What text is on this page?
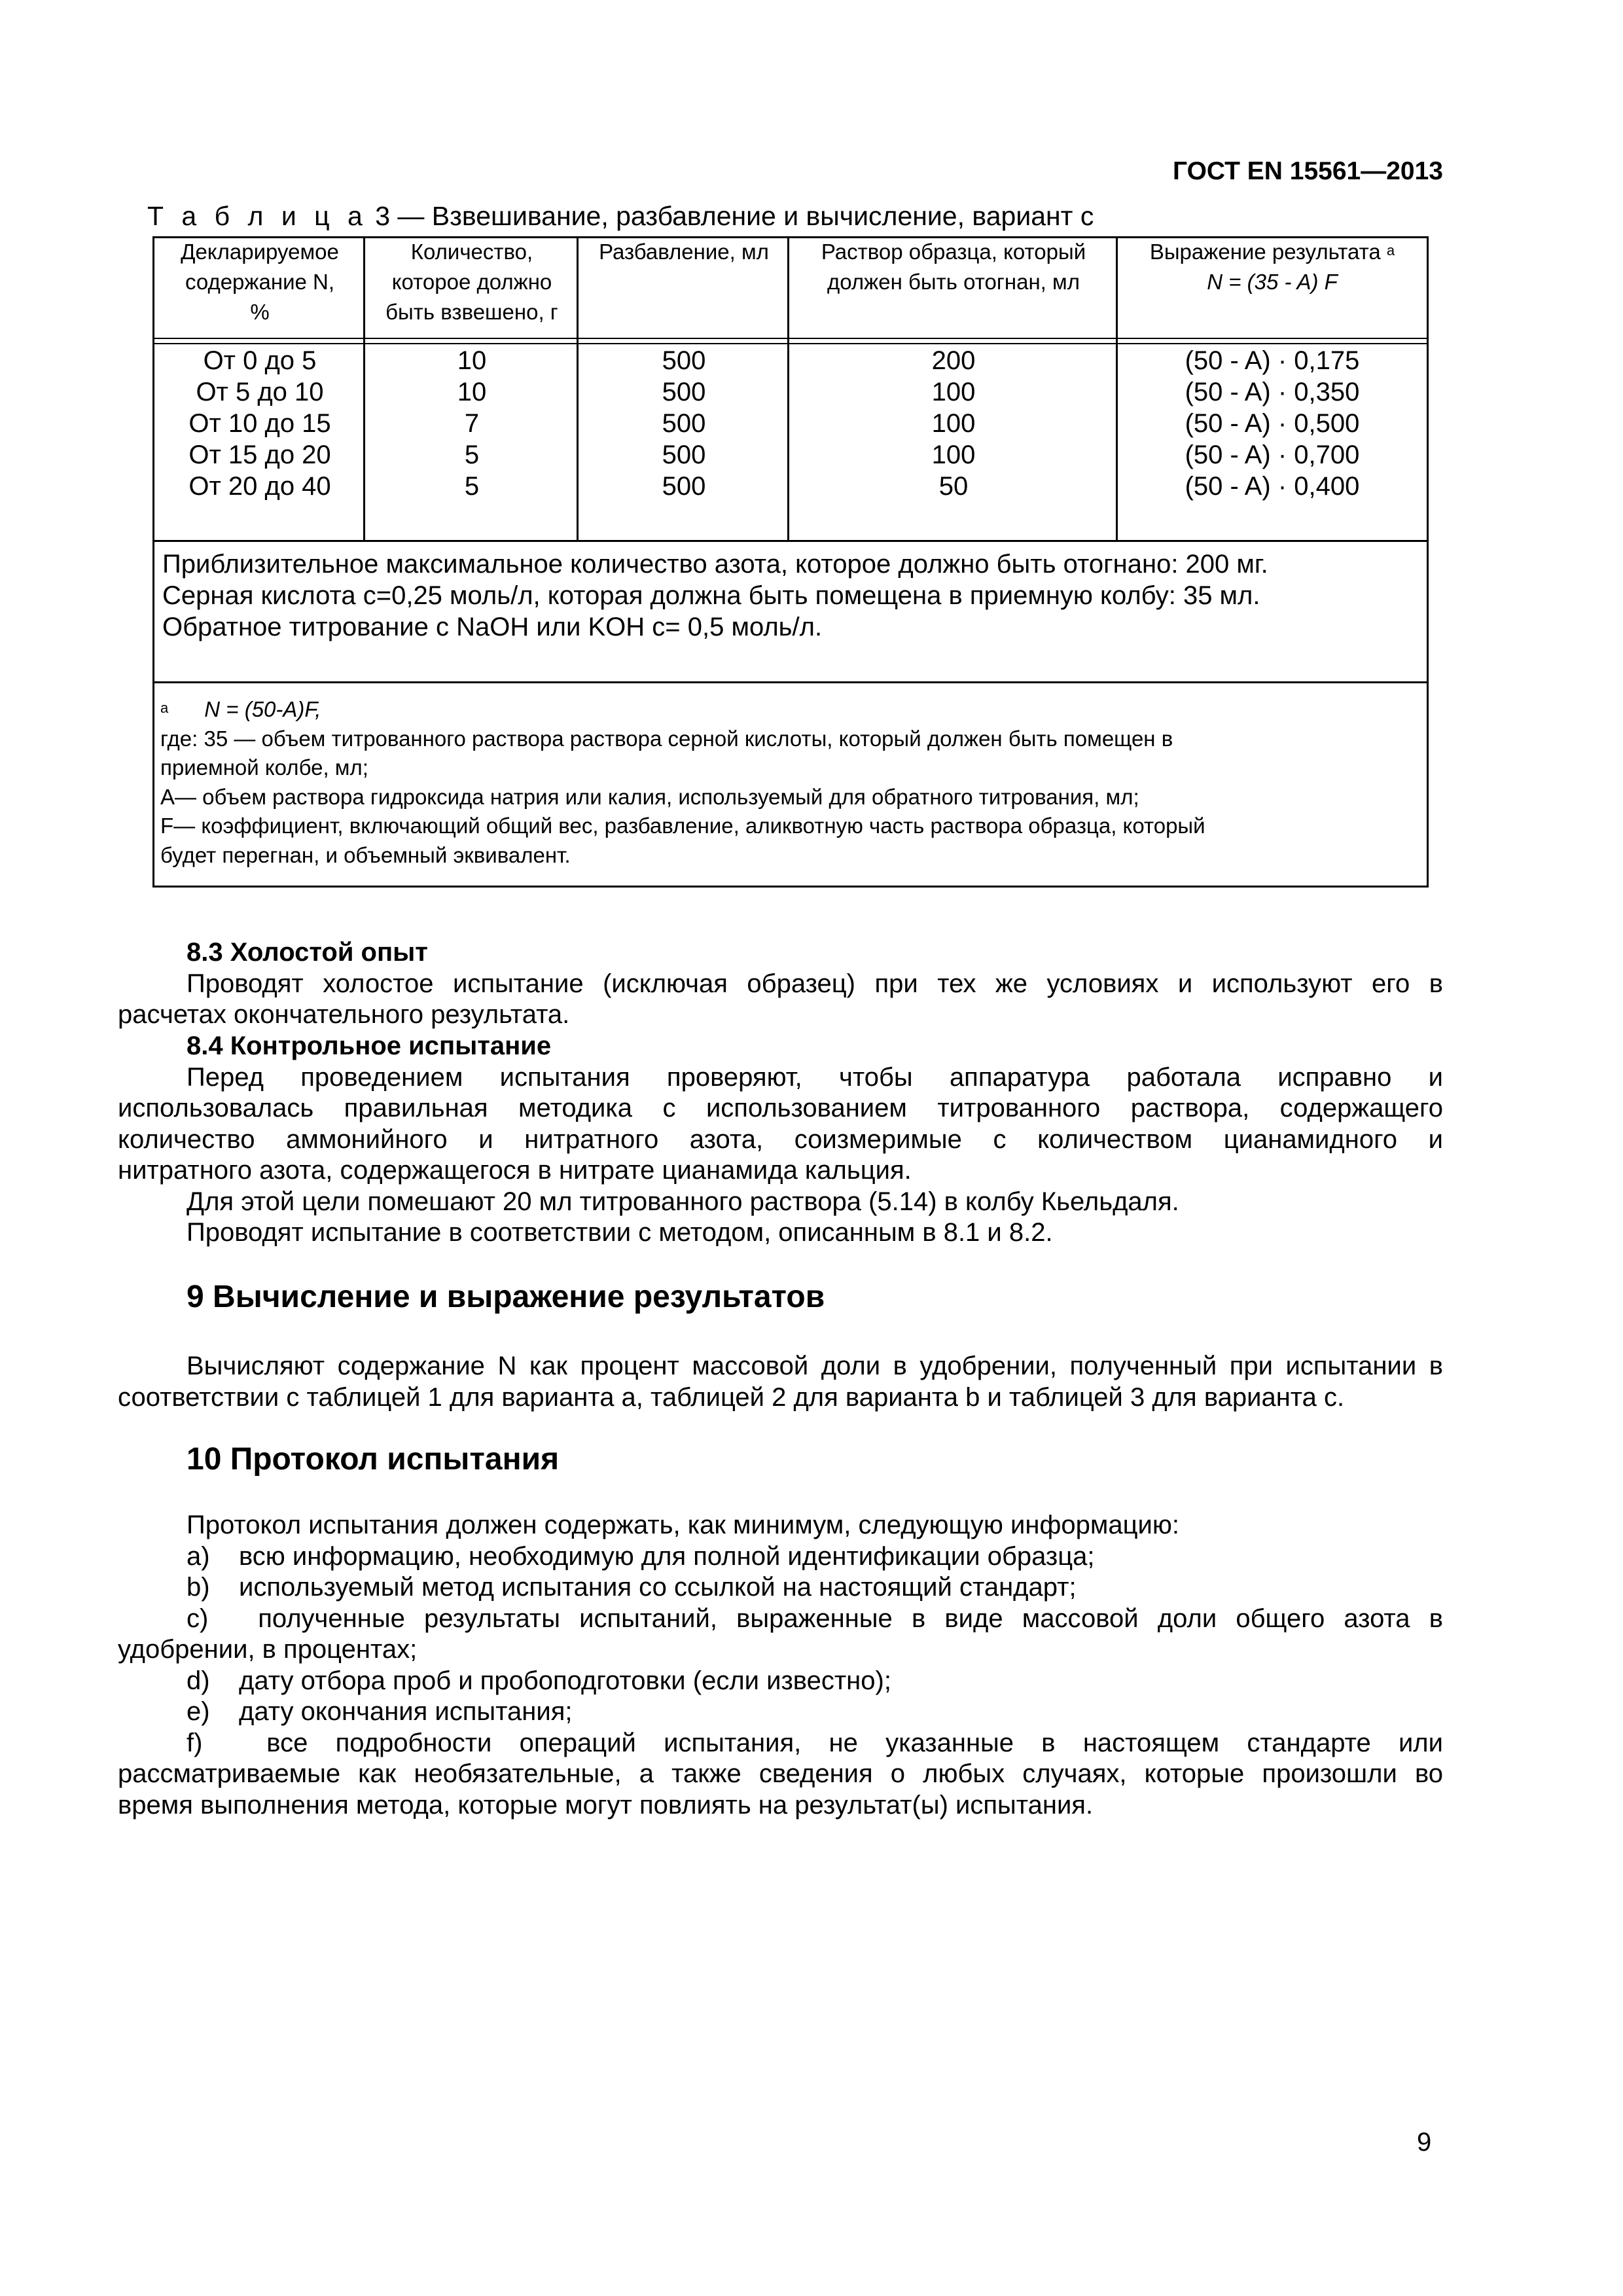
ГОСТ EN 15561—2013
Т а б л и ц а 3 — Взвешивание, разбавление и вычисление, вариант с
Декларируемое
содержание N,
%
Количество,
которое должно
быть взвешено, г
Разбавление, мл	Раствор образца, который
должен быть отогнан, мл
Выражение результата $^a$
N = (35 - A) F
От 0 до 5
От 5 до 10
От 10 до 15
От 15 до 20
От 20 до 40
10
10
7
5
5
500
500
500
500
500
200
100
100
100
50
(50 - A) · 0,175
(50 - A) · 0,350
(50 - A) · 0,500
(50 - A) · 0,700
(50 - A) · 0,400
Приблизительное максимальное количество азота, которое должно быть отогнано: 200 мг.
Серная кислота c=0,25 моль/л, которая должна быть помещена в приемную колбу: 35 мл.
Обратное титрование с NaOH или KOH c= 0,5 моль/л.
$^a$ N = (50-A)F,
где: 35 — объем титрованного раствора раствора серной кислоты, который должен быть помещен в
приемной колбе, мл;
A— объем раствора гидроксида натрия или калия, используемый для обратного титрования, мл;
F— коэффициент, включающий общий вес, разбавление, аликвотную часть раствора образца, который
будет перегнан, и объемный эквивалент.
8.3 Холостой опыт
Проводят холостое испытание (исключая образец) при тех же условиях и используют его в
расчетах окончательного результата.
8.4 Контрольное испытание
Перед проведением испытания проверяют, чтобы аппаратура работала исправно и
использовалась правильная методика с использованием титрованного раствора, содержащего
количество аммонийного и нитратного азота, соизмеримые с количеством цианамидного и
нитратного азота, содержащегося в нитрате цианамида кальция.
Для этой цели помешают 20 мл титрованного раствора (5.14) в колбу Кьельдаля.
Проводят испытание в соответствии с методом, описанным в 8.1 и 8.2.
9 Вычисление и выражение результатов
Вычисляют содержание N как процент массовой доли в удобрении, полученный при испытании в
соответствии с таблицей 1 для варианта a, таблицей 2 для варианта b и таблицей 3 для варианта c.
10 Протокол испытания
Протокол испытания должен содержать, как минимум, следующую информацию:
a) всю информацию, необходимую для полной идентификации образца;
b) используемый метод испытания со ссылкой на настоящий стандарт;
c) полученные результаты испытаний, выраженные в виде массовой доли общего азота в
удобрении, в процентах;
d) дату отбора проб и пробоподготовки (если известно);
e) дату окончания испытания;
f) все подробности операций испытания, не указанные в настоящем стандарте или
рассматриваемые как необязательные, а также сведения о любых случаях, которые произошли во
время выполнения метода, которые могут повлиять на результат(ы) испытания.
9
